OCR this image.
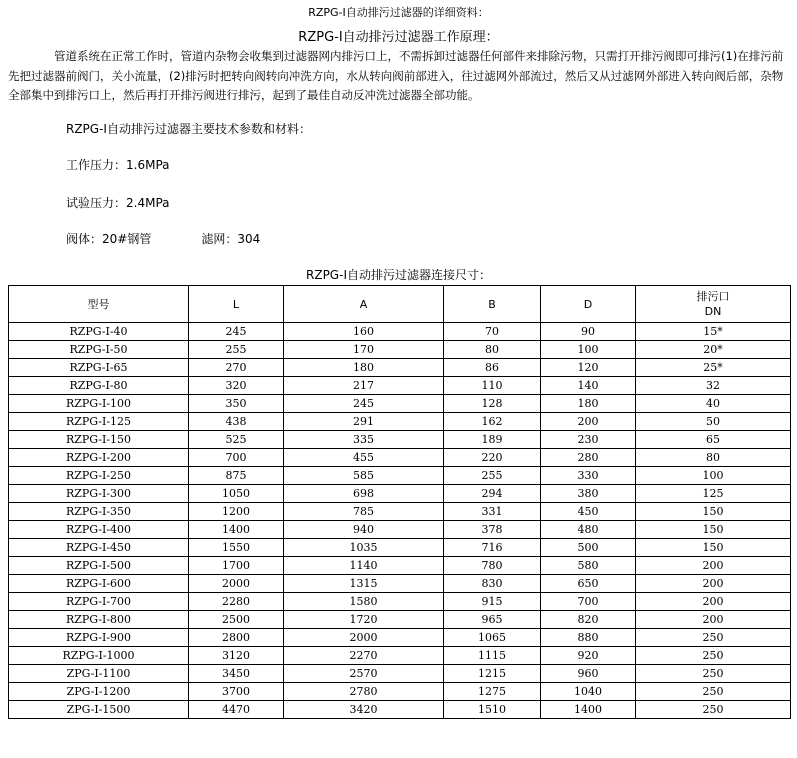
RZPG-I自动排污过滤器的详细资料：
RZPG-I自动排污过滤器工作原理：

管道系统在正常工作时，管道内杂物会收集到过滤器网内排污口上，不需拆卸过滤器任何部件来排除污物，只需打开排污阀即可排污(1)在排污前先把过滤器前阀门，关小流量，(2)排污时把转向阀转向冲洗方向，水从转向阀前部进入，往过滤网外部流过，然后又从过滤网外部进入转向阀后部，杂物全部集中到排污口上，然后再打开排污阀进行排污，起到了最佳自动反冲洗过滤器全部功能。

RZPG-I自动排污过滤器主要技术参数和材料：
工作压力：1.6MPa
试验压力：2.4MPa
阀体：20#钢管	滤网：304
RZPG-I自动排污过滤器连接尺寸：
型号	L	A	B	D	排污口
DN
RZPG-I-40	245	160	70	90	15*
RZPG-I-50	255	170	80	100	20*
RZPG-I-65	270	180	86	120	25*
RZPG-I-80	320	217	110	140	32
RZPG-I-100	350	245	128	180	40
RZPG-I-125	438	291	162	200	50
RZPG-I-150	525	335	189	230	65
RZPG-I-200	700	455	220	280	80
RZPG-I-250	875	585	255	330	100
RZPG-I-300	1050	698	294	380	125
RZPG-I-350	1200	785	331	450	150
RZPG-I-400	1400	940	378	480	150
RZPG-I-450	1550	1035	716	500	150
RZPG-I-500	1700	1140	780	580	200
RZPG-I-600	2000	1315	830	650	200
RZPG-I-700	2280	1580	915	700	200
RZPG-I-800	2500	1720	965	820	200
RZPG-I-900	2800	2000	1065	880	250
RZPG-I-1000	3120	2270	1115	920	250
ZPG-I-1100	3450	2570	1215	960	250
ZPG-I-1200	3700	2780	1275	1040	250
ZPG-I-1500	4470	3420	1510	1400	250
